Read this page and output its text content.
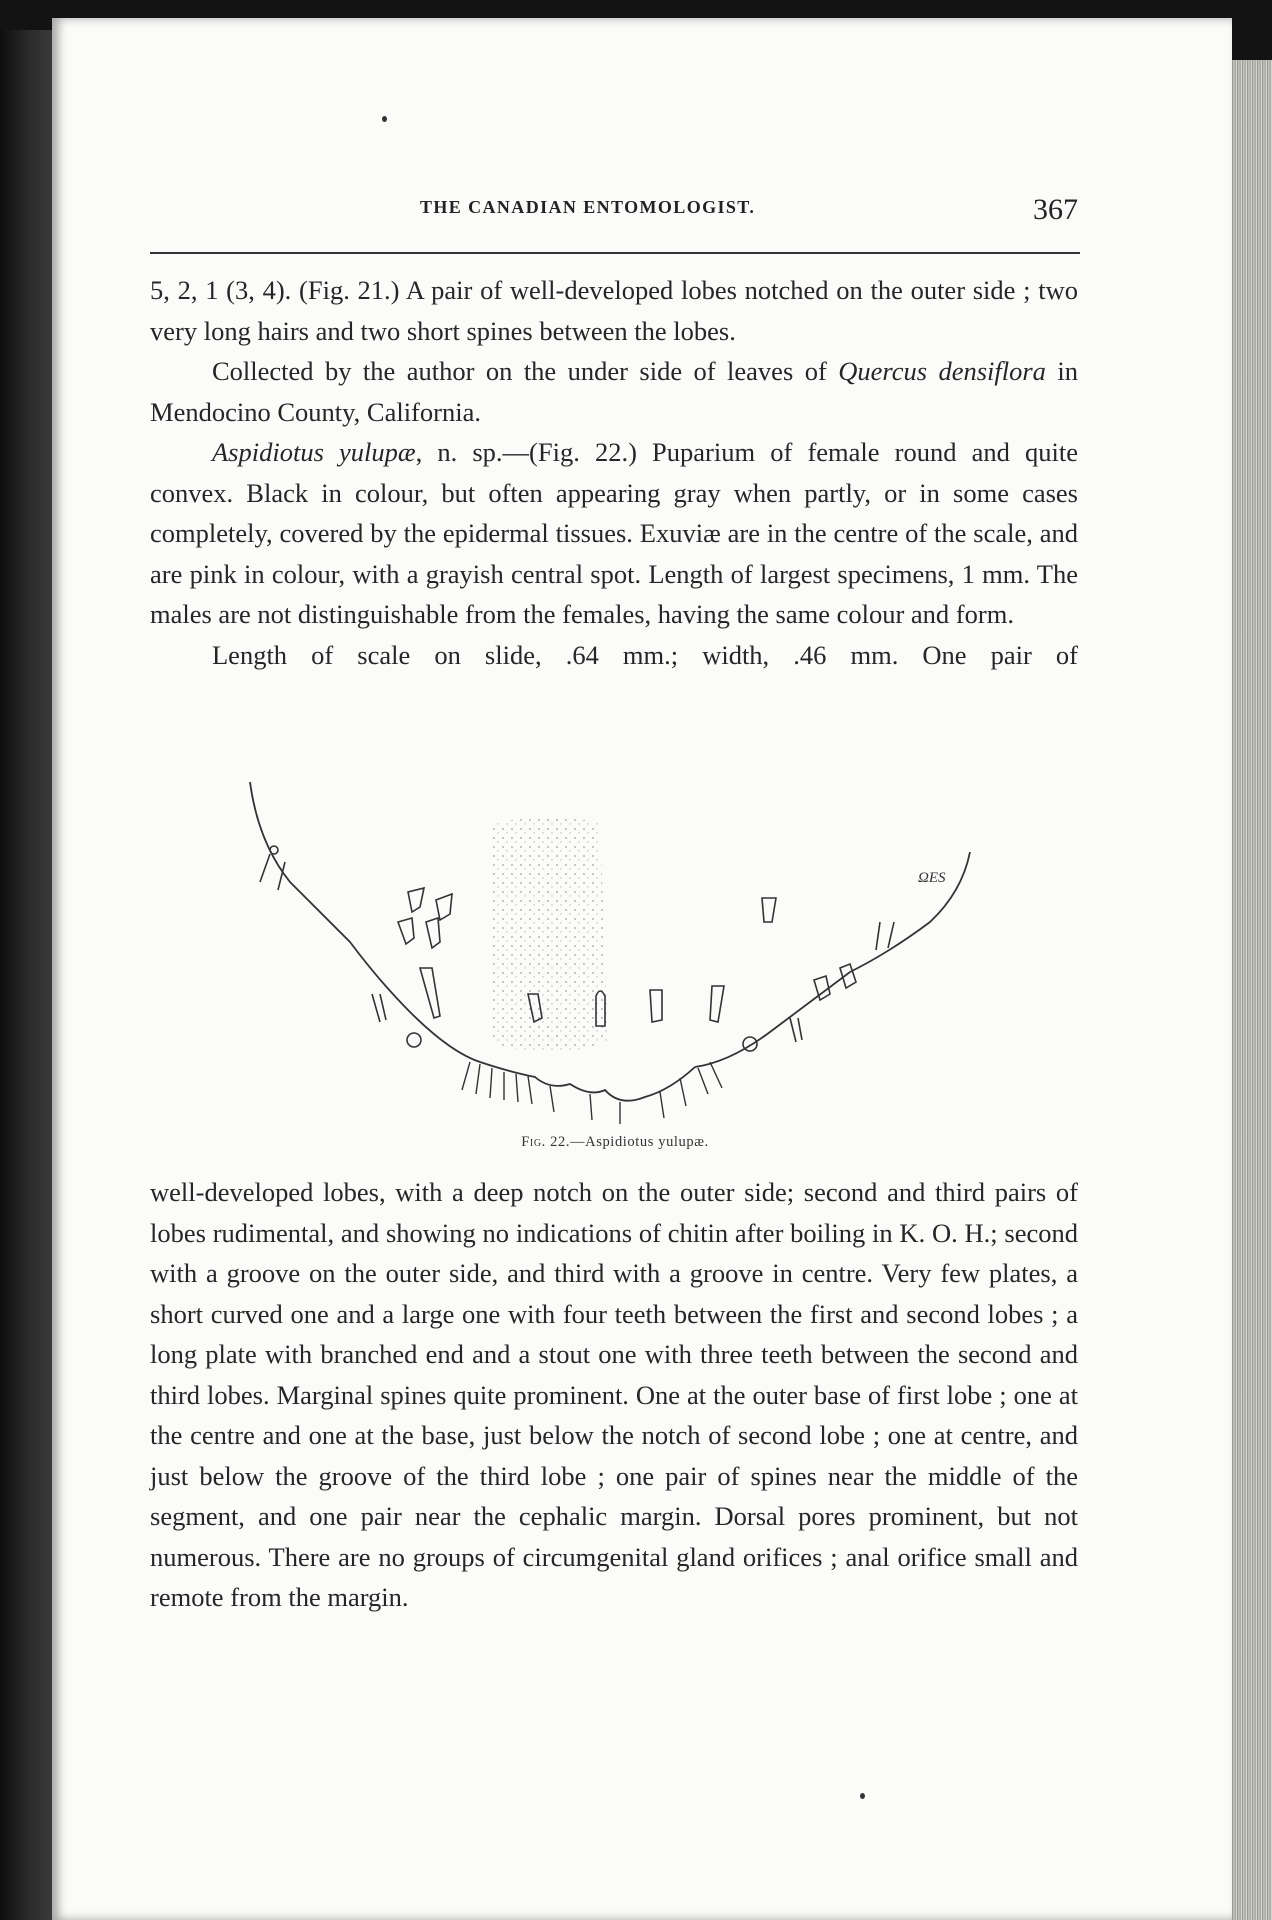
THE CANADIAN ENTOMOLOGIST.	367

5, 2, 1 (3, 4). (Fig. 21.) A pair of well-developed lobes notched on the outer side ; two very long hairs and two short spines between the lobes.

Collected by the author on the under side of leaves of Quercus densiflora in Mendocino County, California.

Aspidiotus yulupæ, n. sp.—(Fig. 22.) Puparium of female round and quite convex. Black in colour, but often appearing gray when partly, or in some cases completely, covered by the epidermal tissues. Exuviæ are in the centre of the scale, and are pink in colour, with a grayish central spot. Length of largest specimens, 1 mm. The males are not distinguishable from the females, having the same colour and form.

Length of scale on slide, .64 mm.; width, .46 mm. One pair of

ΩES
Fig. 22.—Aspidiotus yulupæ.

well-developed lobes, with a deep notch on the outer side; second and third pairs of lobes rudimental, and showing no indications of chitin after boiling in K. O. H.; second with a groove on the outer side, and third with a groove in centre. Very few plates, a short curved one and a large one with four teeth between the first and second lobes ; a long plate with branched end and a stout one with three teeth between the second and third lobes. Marginal spines quite prominent. One at the outer base of first lobe ; one at the centre and one at the base, just below the notch of second lobe ; one at centre, and just below the groove of the third lobe ; one pair of spines near the middle of the segment, and one pair near the cephalic margin. Dorsal pores prominent, but not numerous. There are no groups of circumgenital gland orifices ; anal orifice small and remote from the margin.
